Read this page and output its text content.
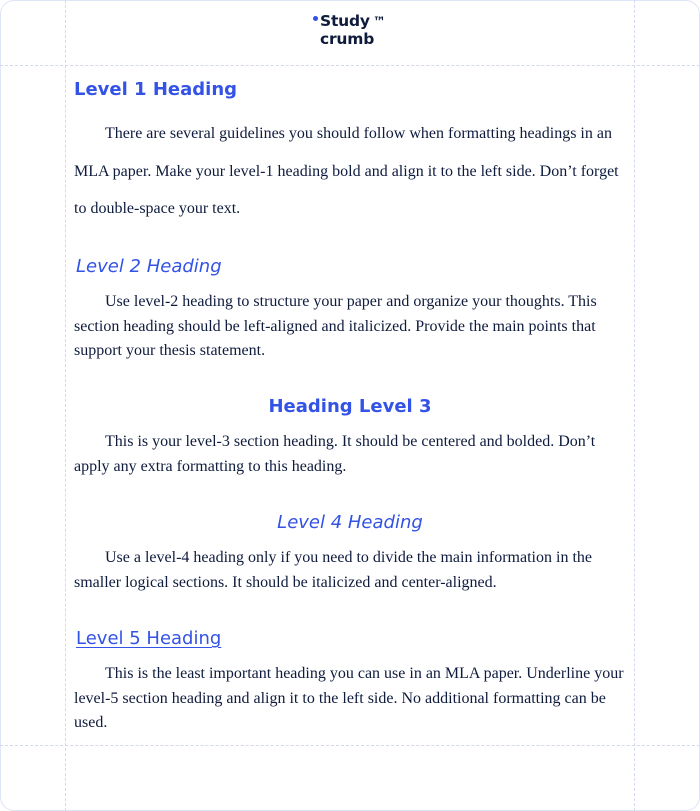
Study ™
crumb
Level 1 Heading

There are several guidelines you should follow when formatting headings in an MLA paper. Make your level-1 heading bold and align it to the left side. Don’t forget to double-space your text.

Level 2 Heading

Use level-2 heading to structure your paper and organize your thoughts. This section heading should be left-aligned and italicized. Provide the main points that support your thesis statement.

Heading Level 3

This is your level-3 section heading. It should be centered and bolded. Don’t apply any extra formatting to this heading.

Level 4 Heading

Use a level-4 heading only if you need to divide the main information in the smaller logical sections. It should be italicized and center-aligned.

Level 5 Heading

This is the least important heading you can use in an MLA paper. Underline your level-5 section heading and align it to the left side. No additional formatting can be used.
